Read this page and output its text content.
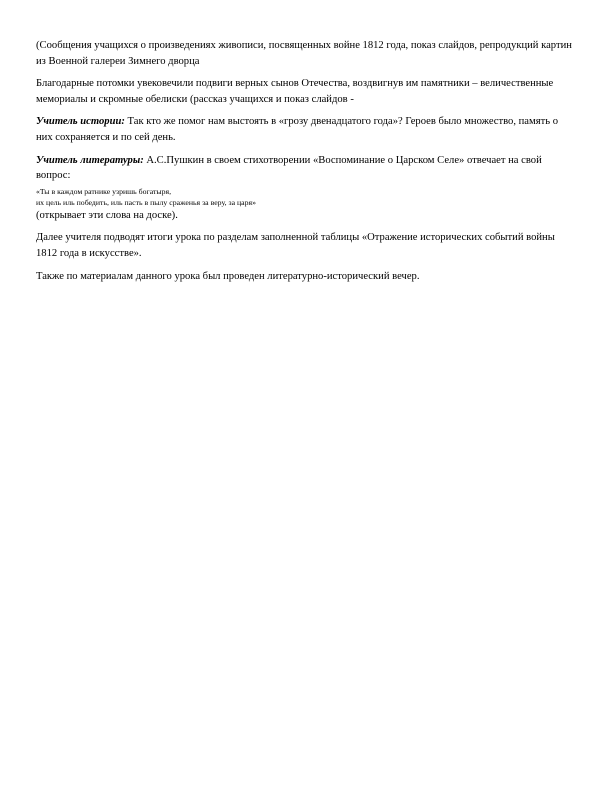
(Сообщения учащихся о произведениях живописи, посвященных войне 1812 года, показ слайдов, репродукций картин из Военной галереи Зимнего дворца

Благодарные потомки увековечили подвиги верных сынов Отечества, воздвигнув им памятники – величественные мемориалы и скромные обелиски (рассказ учащихся и показ слайдов -

Учитель истории: Так кто же помог нам выстоять в «грозу двенадцатого года»? Героев было множество, память о них сохраняется и по сей день.

Учитель литературы: А.С.Пушкин в своем стихотворении «Воспоминание о Царском Селе» отвечает на свой вопрос:
«Ты в каждом ратнике узришь богатыря,
их цель иль победить, иль пасть в пылу сраженья за веру, за царя»
(открывает эти слова на доске).

Далее учителя подводят итоги урока по разделам заполненной таблицы «Отражение исторических событий войны 1812 года в искусстве».

Также по материалам данного урока был проведен литературно-исторический вечер.
